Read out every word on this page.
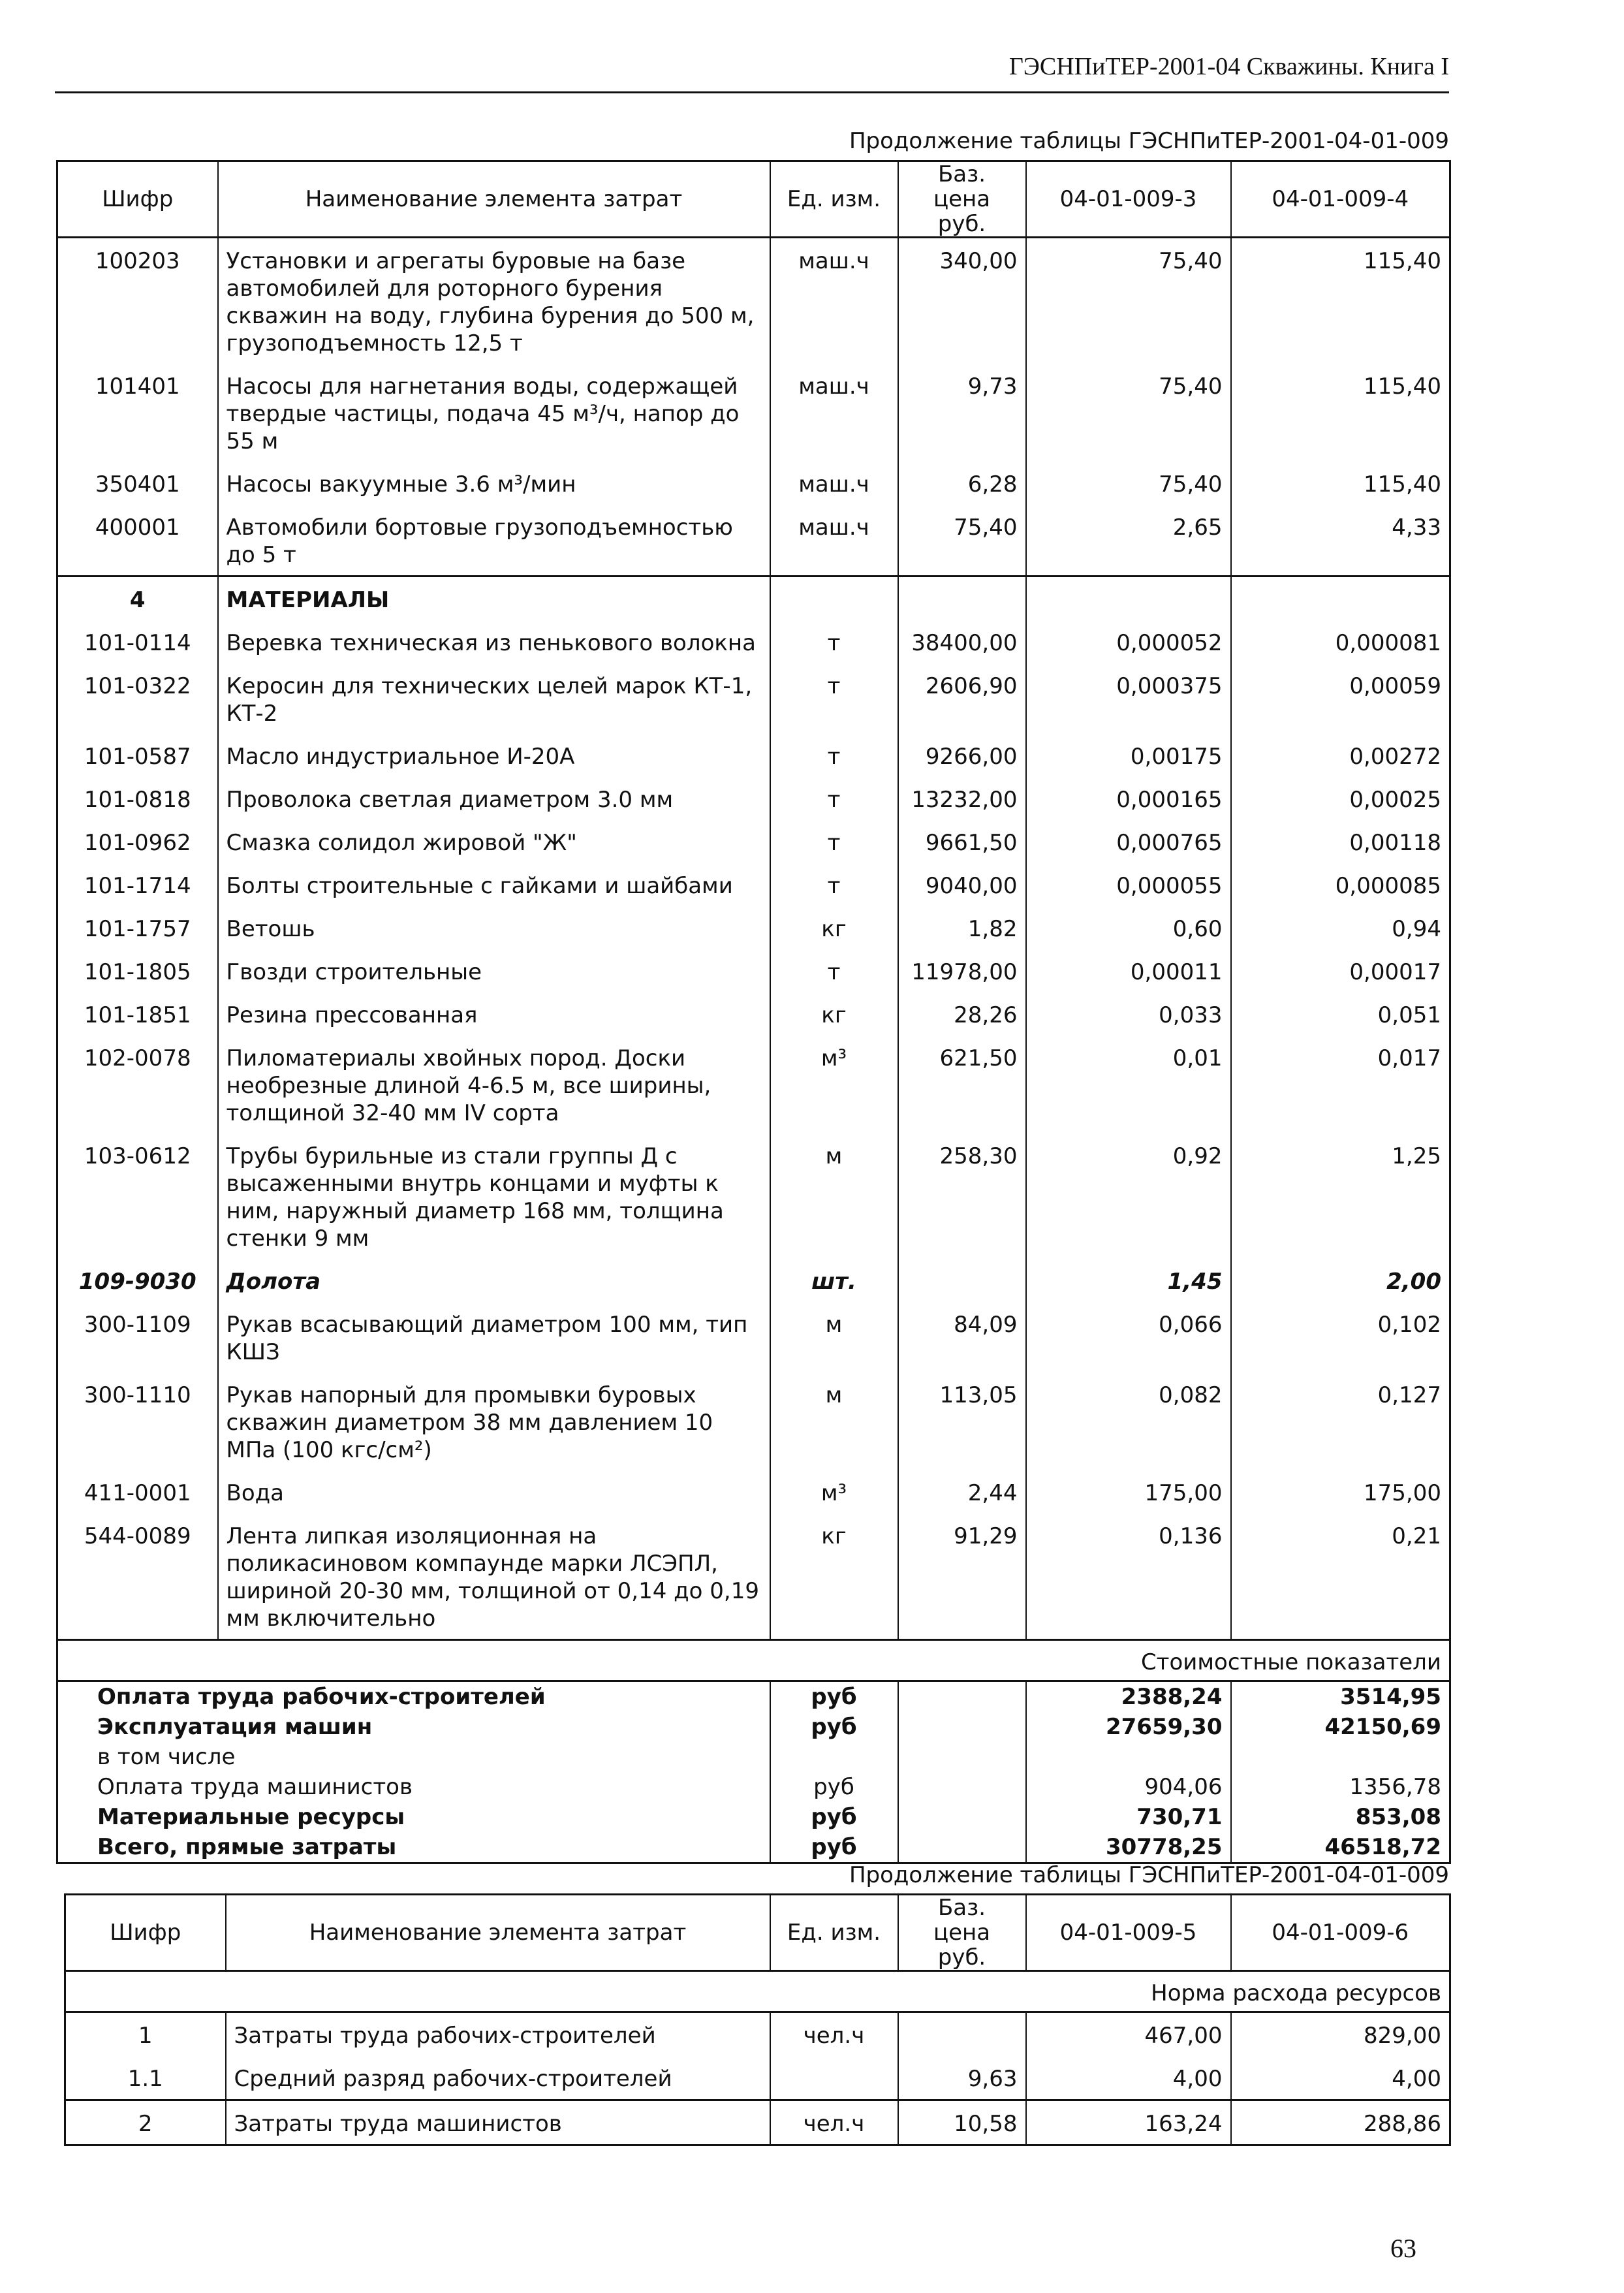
ГЭСНПиТЕР-2001-04 Скважины. Книга I
Продолжение таблицы ГЭСНПиТЕР-2001-04-01-009
Шифр	Наименование элемента затрат	Ед. изм.	Баз. цена руб.	04-01-009-3	04-01-009-4
100203	Установки и агрегаты буровые на базе автомобилей для роторного бурения скважин на воду, глубина бурения до 500 м, грузоподъемность 12,5 т	маш.ч	340,00	75,40	115,40
101401	Насосы для нагнетания воды, содержащей твердые частицы, подача 45 м³/ч, напор до 55 м	маш.ч	9,73	75,40	115,40
350401	Насосы вакуумные 3.6 м³/мин	маш.ч	6,28	75,40	115,40
400001	Автомобили бортовые грузоподъемностью до 5 т	маш.ч	75,40	2,65	4,33
4	МАТЕРИАЛЫ				
101-0114	Веревка техническая из пенькового волокна	т	38400,00	0,000052	0,000081
101-0322	Керосин для технических целей марок КТ-1, КТ-2	т	2606,90	0,000375	0,00059
101-0587	Масло индустриальное И-20А	т	9266,00	0,00175	0,00272
101-0818	Проволока светлая диаметром 3.0 мм	т	13232,00	0,000165	0,00025
101-0962	Смазка солидол жировой "Ж"	т	9661,50	0,000765	0,00118
101-1714	Болты строительные с гайками и шайбами	т	9040,00	0,000055	0,000085
101-1757	Ветошь	кг	1,82	0,60	0,94
101-1805	Гвозди строительные	т	11978,00	0,00011	0,00017
101-1851	Резина прессованная	кг	28,26	0,033	0,051
102-0078	Пиломатериалы хвойных пород. Доски необрезные длиной 4-6.5 м, все ширины, толщиной 32-40 мм IV сорта	м³	621,50	0,01	0,017
103-0612	Трубы бурильные из стали группы Д с высаженными внутрь концами и муфты к ним, наружный диаметр 168 мм, толщина стенки 9 мм	м	258,30	0,92	1,25
109-9030	Долота	шт.		1,45	2,00
300-1109	Рукав всасывающий диаметром 100 мм, тип КШЗ	м	84,09	0,066	0,102
300-1110	Рукав напорный для промывки буровых скважин диаметром 38 мм давлением 10 МПа (100 кгс/см²)	м	113,05	0,082	0,127
411-0001	Вода	м³	2,44	175,00	175,00
544-0089	Лента липкая изоляционная на поликасиновом компаунде марки ЛСЭПЛ, шириной 20-30 мм, толщиной от 0,14 до 0,19 мм включительно	кг	91,29	0,136	0,21
Стоимостные показатели					
Оплата труда рабочих-строителей		руб		2388,24	3514,95
Эксплуатация машин		руб		27659,30	42150,69
в том числе					
Оплата труда машинистов		руб		904,06	1356,78
Материальные ресурсы		руб		730,71	853,08
Всего, прямые затраты		руб		30778,25	46518,72
Продолжение таблицы ГЭСНПиТЕР-2001-04-01-009
Шифр	Наименование элемента затрат	Ед. изм.	Баз. цена руб.	04-01-009-5	04-01-009-6
Норма расхода ресурсов					
1	Затраты труда рабочих-строителей	чел.ч		467,00	829,00
1.1	Средний разряд рабочих-строителей		9,63	4,00	4,00
2	Затраты труда машинистов	чел.ч	10,58	163,24	288,86
63
